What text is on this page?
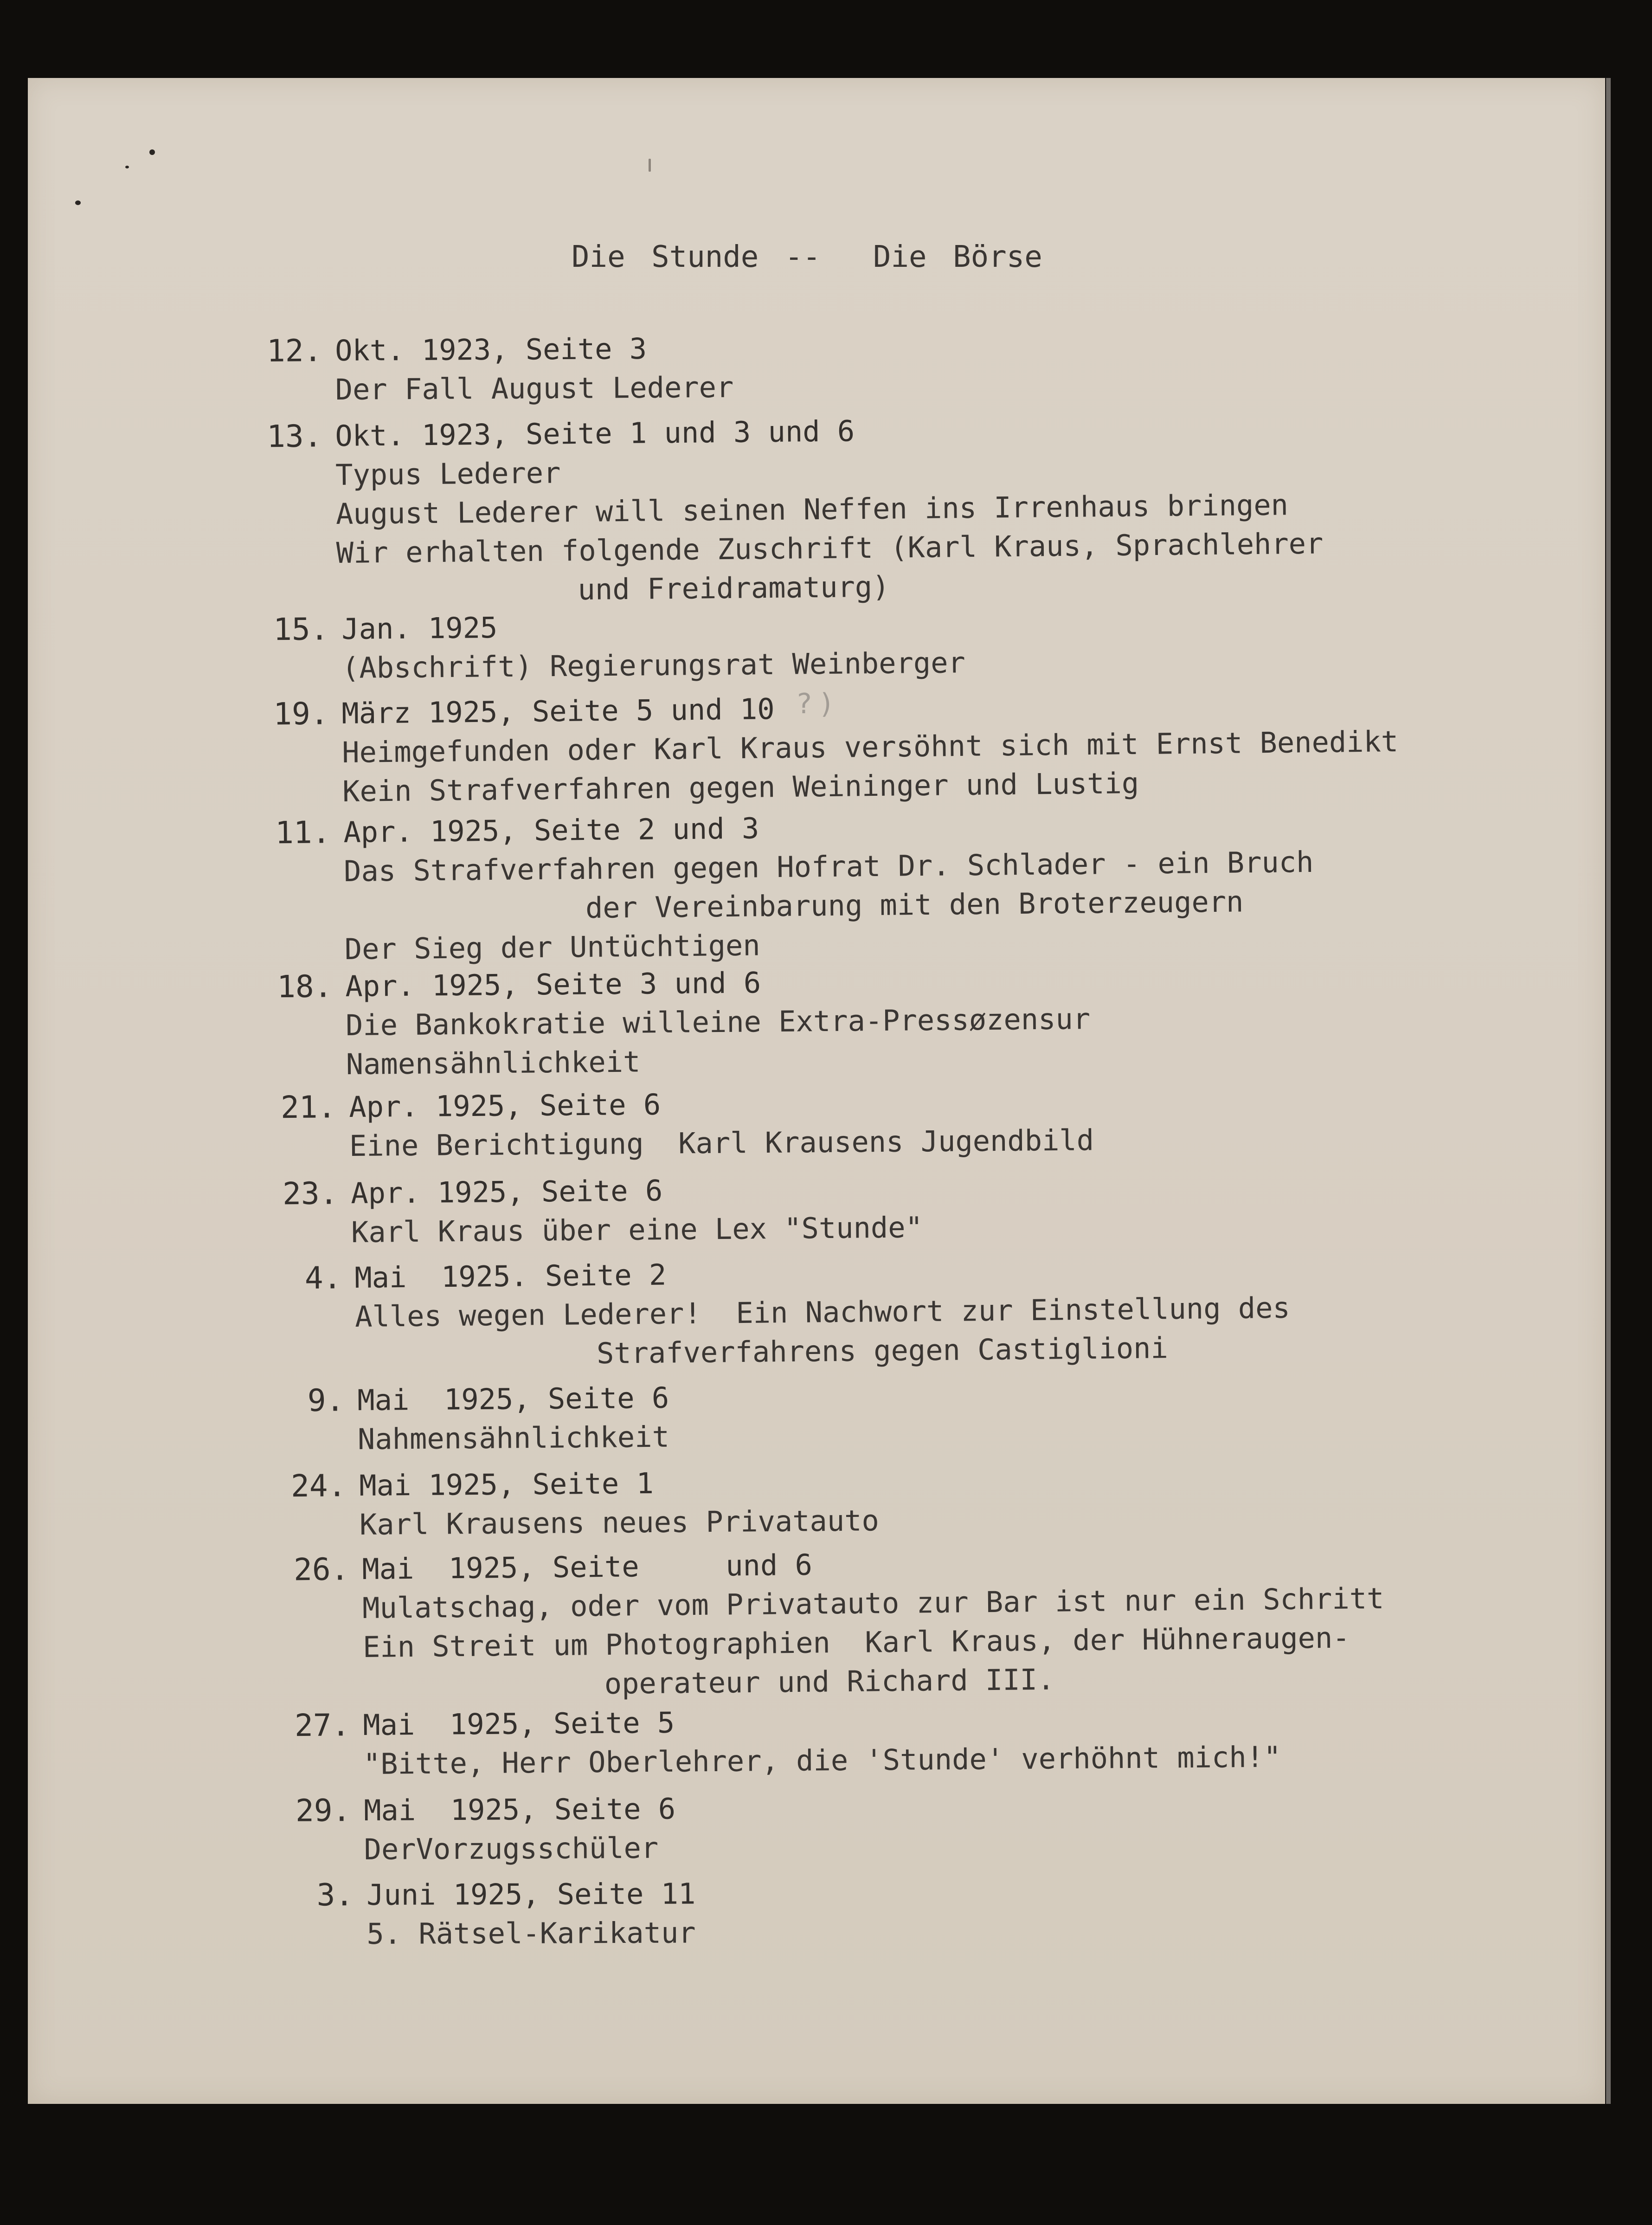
Die Stunde --  Die Börse
12. Okt. 1923, Seite 3
Der Fall August Lederer
13. Okt. 1923, Seite 1 und 3 und 6
Typus Lederer
August Lederer will seinen Neffen ins Irrenhaus bringen
Wir erhalten folgende Zuschrift (Karl Kraus, Sprachlehrer
und Freidramaturg)
15. Jan. 1925
(Abschrift) Regierungsrat Weinberger
19. März 1925, Seite 5 und 10
Heimgefunden oder Karl Kraus versöhnt sich mit Ernst Benedikt
Kein Strafverfahren gegen Weininger und Lustig
11. Apr. 1925, Seite 2 und 3
Das Strafverfahren gegen Hofrat Dr. Schlader - ein Bruch
der Vereinbarung mit den Broterzeugern
Der Sieg der Untüchtigen
18. Apr. 1925, Seite 3 und 6
Die Bankokratie willeine Extra-Pressøzensur
Namensähnlichkeit
21. Apr. 1925, Seite 6
Eine Berichtigung  Karl Krausens Jugendbild
23. Apr. 1925, Seite 6
Karl Kraus über eine Lex "Stunde"
4. Mai  1925. Seite 2
Alles wegen Lederer!  Ein Nachwort zur Einstellung des
Strafverfahrens gegen Castiglioni
9. Mai  1925, Seite 6
Nahmensähnlichkeit
24. Mai 1925, Seite 1
Karl Krausens neues Privatauto
26. Mai  1925, Seite     und 6
Mulatschag, oder vom Privatauto zur Bar ist nur ein Schritt
Ein Streit um Photographien  Karl Kraus, der Hühneraugen-
operateur und Richard III.
27. Mai  1925, Seite 5
"Bitte, Herr Oberlehrer, die 'Stunde' verhöhnt mich!"
29. Mai  1925, Seite 6
DerVorzugsschüler
3. Juni 1925, Seite 11
5. Rätsel-Karikatur
? )
